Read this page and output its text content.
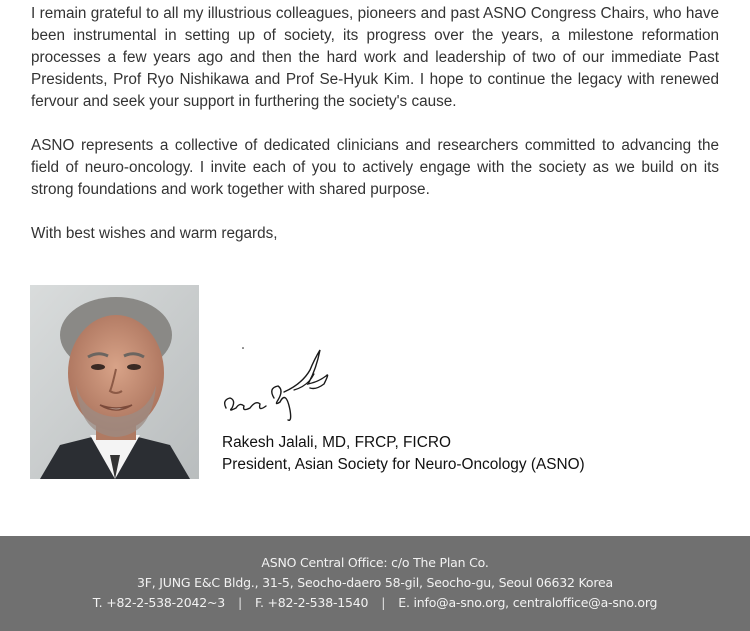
I remain grateful to all my illustrious colleagues, pioneers and past ASNO Congress Chairs, who have been instrumental in setting up of society, its progress over the years, a milestone reformation processes a few years ago and then the hard work and leadership of two of our immediate Past Presidents, Prof Ryo Nishikawa and Prof Se-Hyuk Kim. I hope to continue the legacy with renewed fervour and seek your support in furthering the society's cause.

ASNO represents a collective of dedicated clinicians and researchers committed to advancing the field of neuro-oncology. I invite each of you to actively engage with the society as we build on its strong foundations and work together with shared purpose.

With best wishes and warm regards,

Rakesh Jalali, MD, FRCP, FICRO
President, Asian Society for Neuro-Oncology (ASNO)
ASNO Central Office: c/o The Plan Co.
3F, JUNG E&C Bldg., 31-5, Seocho-daero 58-gil, Seocho-gu, Seoul 06632 Korea
T. +82-2-538-2042~3 | F. +82-2-538-1540 | E. info@a-sno.org, centraloffice@a-sno.org
